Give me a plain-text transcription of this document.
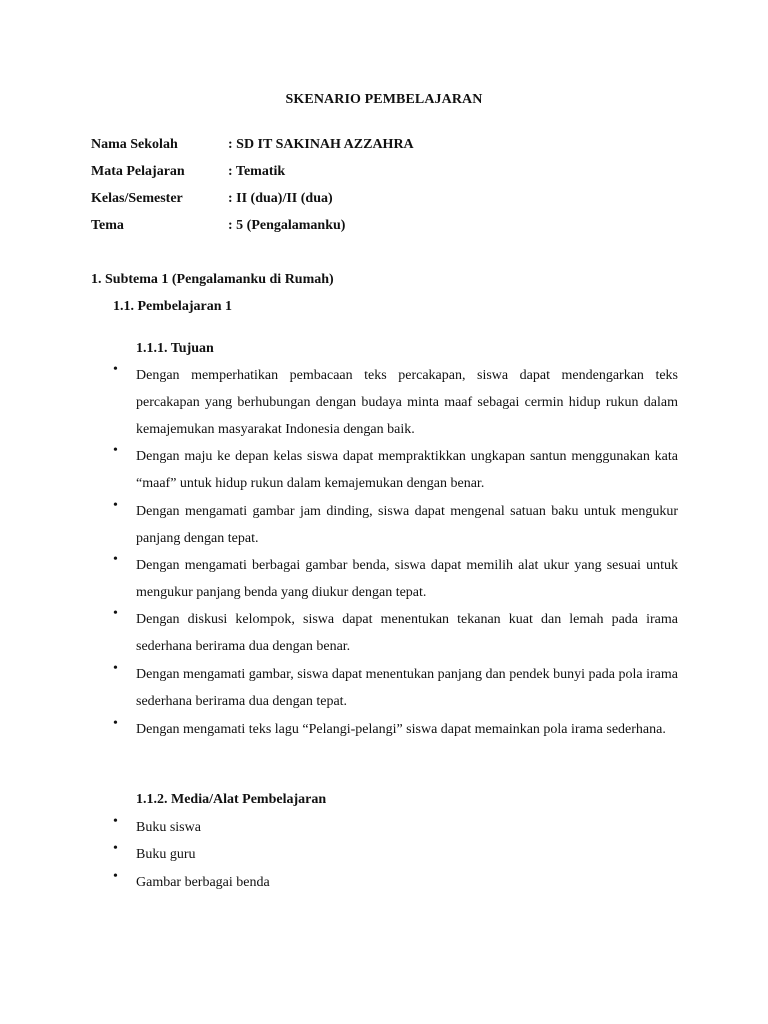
SKENARIO PEMBELAJARAN
Nama Sekolah	: SD IT SAKINAH AZZAHRA
Mata Pelajaran	: Tematik
Kelas/Semester	: II (dua)/II (dua)
Tema	: 5 (Pengalamanku)
1. Subtema 1 (Pengalamanku di Rumah)
1.1. Pembelajaran 1
1.1.1. Tujuan
• Dengan memperhatikan pembacaan teks percakapan, siswa dapat mendengarkan teks percakapan yang berhubungan dengan budaya minta maaf sebagai cermin hidup rukun dalam kemajemukan masyarakat Indonesia dengan baik.
• Dengan maju ke depan kelas siswa dapat mempraktikkan ungkapan santun menggunakan kata “maaf” untuk hidup rukun dalam kemajemukan dengan benar.
• Dengan mengamati gambar jam dinding, siswa dapat mengenal satuan baku untuk mengukur panjang dengan tepat.
• Dengan mengamati berbagai gambar benda, siswa dapat memilih alat ukur yang sesuai untuk mengukur panjang benda yang diukur dengan tepat.
• Dengan diskusi kelompok, siswa dapat menentukan tekanan kuat dan lemah pada irama sederhana berirama dua dengan benar.
• Dengan mengamati gambar, siswa dapat menentukan panjang dan pendek bunyi pada pola irama sederhana berirama dua dengan tepat.
• Dengan mengamati teks lagu “Pelangi-pelangi” siswa dapat memainkan pola irama sederhana.
1.1.2. Media/Alat Pembelajaran
• Buku siswa
• Buku guru
• Gambar berbagai benda
